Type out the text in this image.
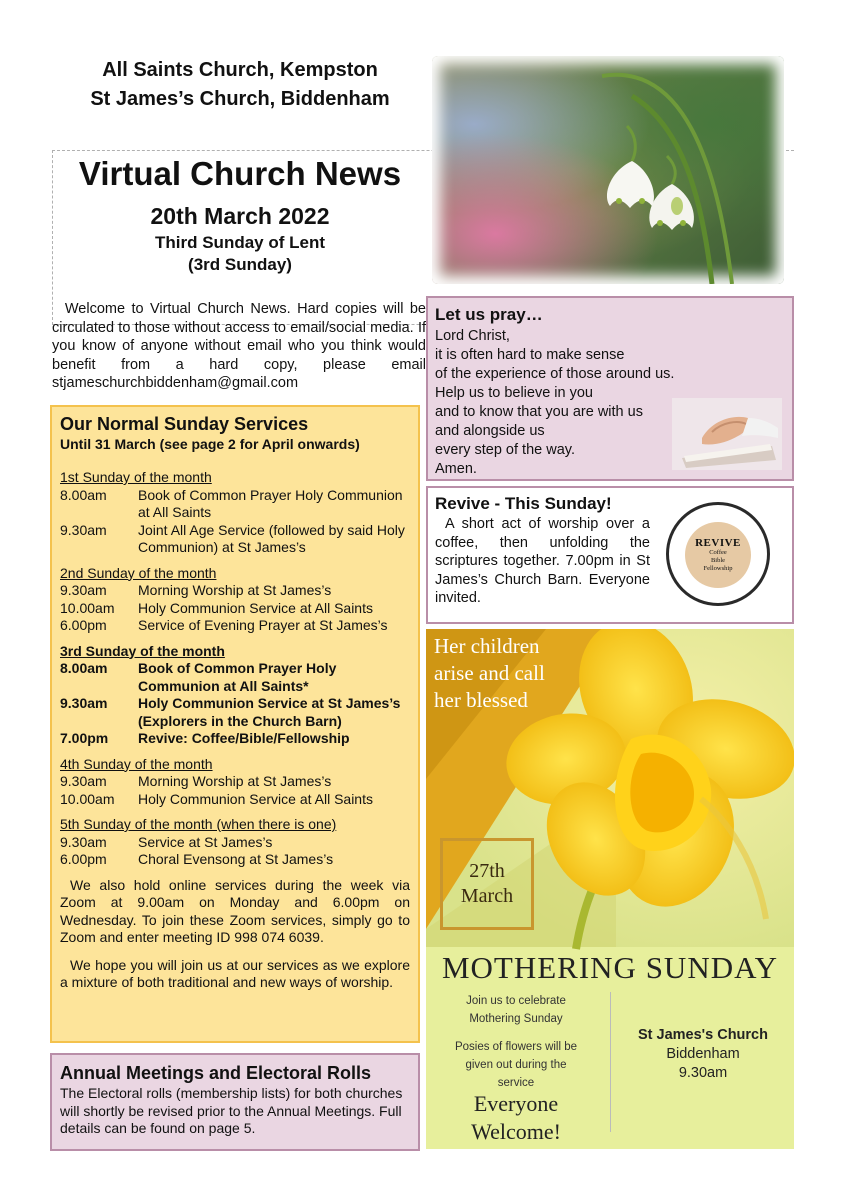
All Saints Church, Kempston
St James’s Church, Biddenham
Virtual Church News
20th March 2022
Third Sunday of Lent
(3rd Sunday)
Welcome to Virtual Church News. Hard copies will be circulated to those without access to email/social media. If you know of anyone without email who you think would benefit from a hard copy, please email stjameschurchbiddenham@gmail.com
Our Normal Sunday Services
Until 31 March (see page 2 for April onwards)
1st Sunday of the month
8.00am	Book of Common Prayer Holy Communion at All Saints
9.30am	Joint All Age Service (followed by said Holy Communion) at St James’s
2nd Sunday of the month
9.30am	Morning Worship at St James’s
10.00am	Holy Communion Service at All Saints
6.00pm	Service of Evening Prayer at St James’s
3rd Sunday of the month
8.00am	Book of Common Prayer Holy Communion at All Saints*
9.30am	Holy Communion Service at St James’s
(Explorers in the Church Barn)
7.00pm	Revive: Coffee/Bible/Fellowship
4th Sunday of the month
9.30am	Morning Worship at St James’s
10.00am	Holy Communion Service at All Saints
5th Sunday of the month (when there is one)
9.30am	Service at St James’s
6.00pm	Choral Evensong at St James’s
We also hold online services during the week via Zoom at 9.00am on Monday and 6.00pm on Wednesday. To join these Zoom services, simply go to Zoom and enter meeting ID 998 074 6039.
We hope you will join us at our services as we explore a mixture of both traditional and new ways of worship.
Annual Meetings and Electoral Rolls
The Electoral rolls (membership lists) for both churches will shortly be revised prior to the Annual Meetings. Full details can be found on page 5.
Let us pray…
Lord Christ,
it is often hard to make sense
of the experience of those around us.
Help us to believe in you
and to know that you are with us
and alongside us
every step of the way.
Amen.
Revive - This Sunday!
A short act of worship over a coffee, then unfolding the scriptures together. 7.00pm in St James’s Church Barn. Everyone invited.
REVIVE
Coffee
Bible
Fellowship
Her children arise and call her blessed
27th
March
MOTHERING SUNDAY

Join us to celebrate
Mothering Sunday

Posies of flowers will be
given out during the
service

Everyone
Welcome!
St James's Church
Biddenham
9.30am
